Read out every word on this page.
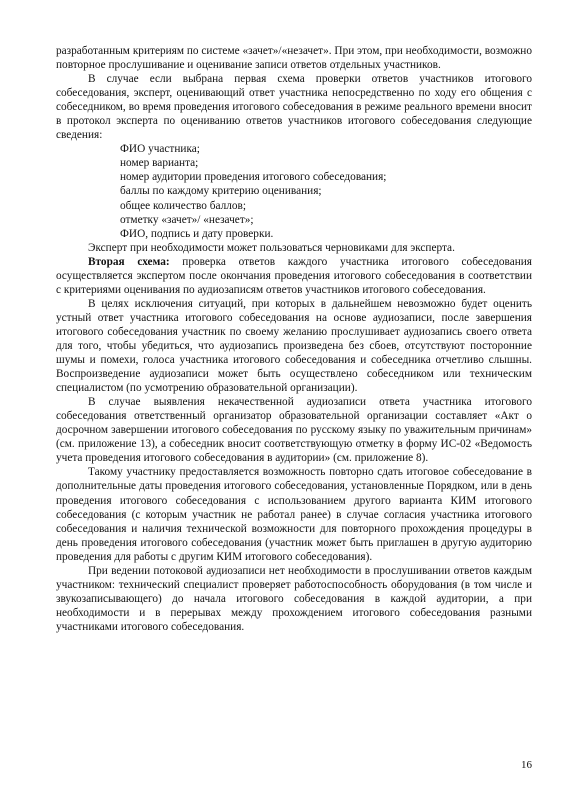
разработанным критериям по системе «зачет»/«незачет». При этом, при необходимости, возможно повторное прослушивание и оценивание записи ответов отдельных участников.

В случае если выбрана первая схема проверки ответов участников итогового собеседования, эксперт, оценивающий ответ участника непосредственно по ходу его общения с собеседником, во время проведения итогового собеседования в режиме реального времени вносит в протокол эксперта по оцениванию ответов участников итогового собеседования следующие сведения:

ФИО участника;

номер варианта;

номер аудитории проведения итогового собеседования;

баллы по каждому критерию оценивания;

общее количество баллов;

отметку «зачет»/ «незачет»;

ФИО, подпись и дату проверки.

Эксперт при необходимости может пользоваться черновиками для эксперта.

Вторая схема: проверка ответов каждого участника итогового собеседования осуществляется экспертом после окончания проведения итогового собеседования в соответствии с критериями оценивания по аудиозаписям ответов участников итогового собеседования.

В целях исключения ситуаций, при которых в дальнейшем невозможно будет оценить устный ответ участника итогового собеседования на основе аудиозаписи, после завершения итогового собеседования участник по своему желанию прослушивает аудиозапись своего ответа для того, чтобы убедиться, что аудиозапись произведена без сбоев, отсутствуют посторонние шумы и помехи, голоса участника итогового собеседования и собеседника отчетливо слышны. Воспроизведение аудиозаписи может быть осуществлено собеседником или техническим специалистом (по усмотрению образовательной организации).

В случае выявления некачественной аудиозаписи ответа участника итогового собеседования ответственный организатор образовательной организации составляет «Акт о досрочном завершении итогового собеседования по русскому языку по уважительным причинам» (см. приложение 13), а собеседник вносит соответствующую отметку в форму ИС-02 «Ведомость учета проведения итогового собеседования в аудитории» (см. приложение 8).

Такому участнику предоставляется возможность повторно сдать итоговое собеседование в дополнительные даты проведения итогового собеседования, установленные Порядком, или в день проведения итогового собеседования с использованием другого варианта КИМ итогового собеседования (с которым участник не работал ранее) в случае согласия участника итогового собеседования и наличия технической возможности для повторного прохождения процедуры в день проведения итогового собеседования (участник может быть приглашен в другую аудиторию проведения для работы с другим КИМ итогового собеседования).

При ведении потоковой аудиозаписи нет необходимости в прослушивании ответов каждым участником: технический специалист проверяет работоспособность оборудования (в том числе и звукозаписывающего) до начала итогового собеседования в каждой аудитории, а при необходимости и в перерывах между прохождением итогового собеседования разными участниками итогового собеседования.

16
